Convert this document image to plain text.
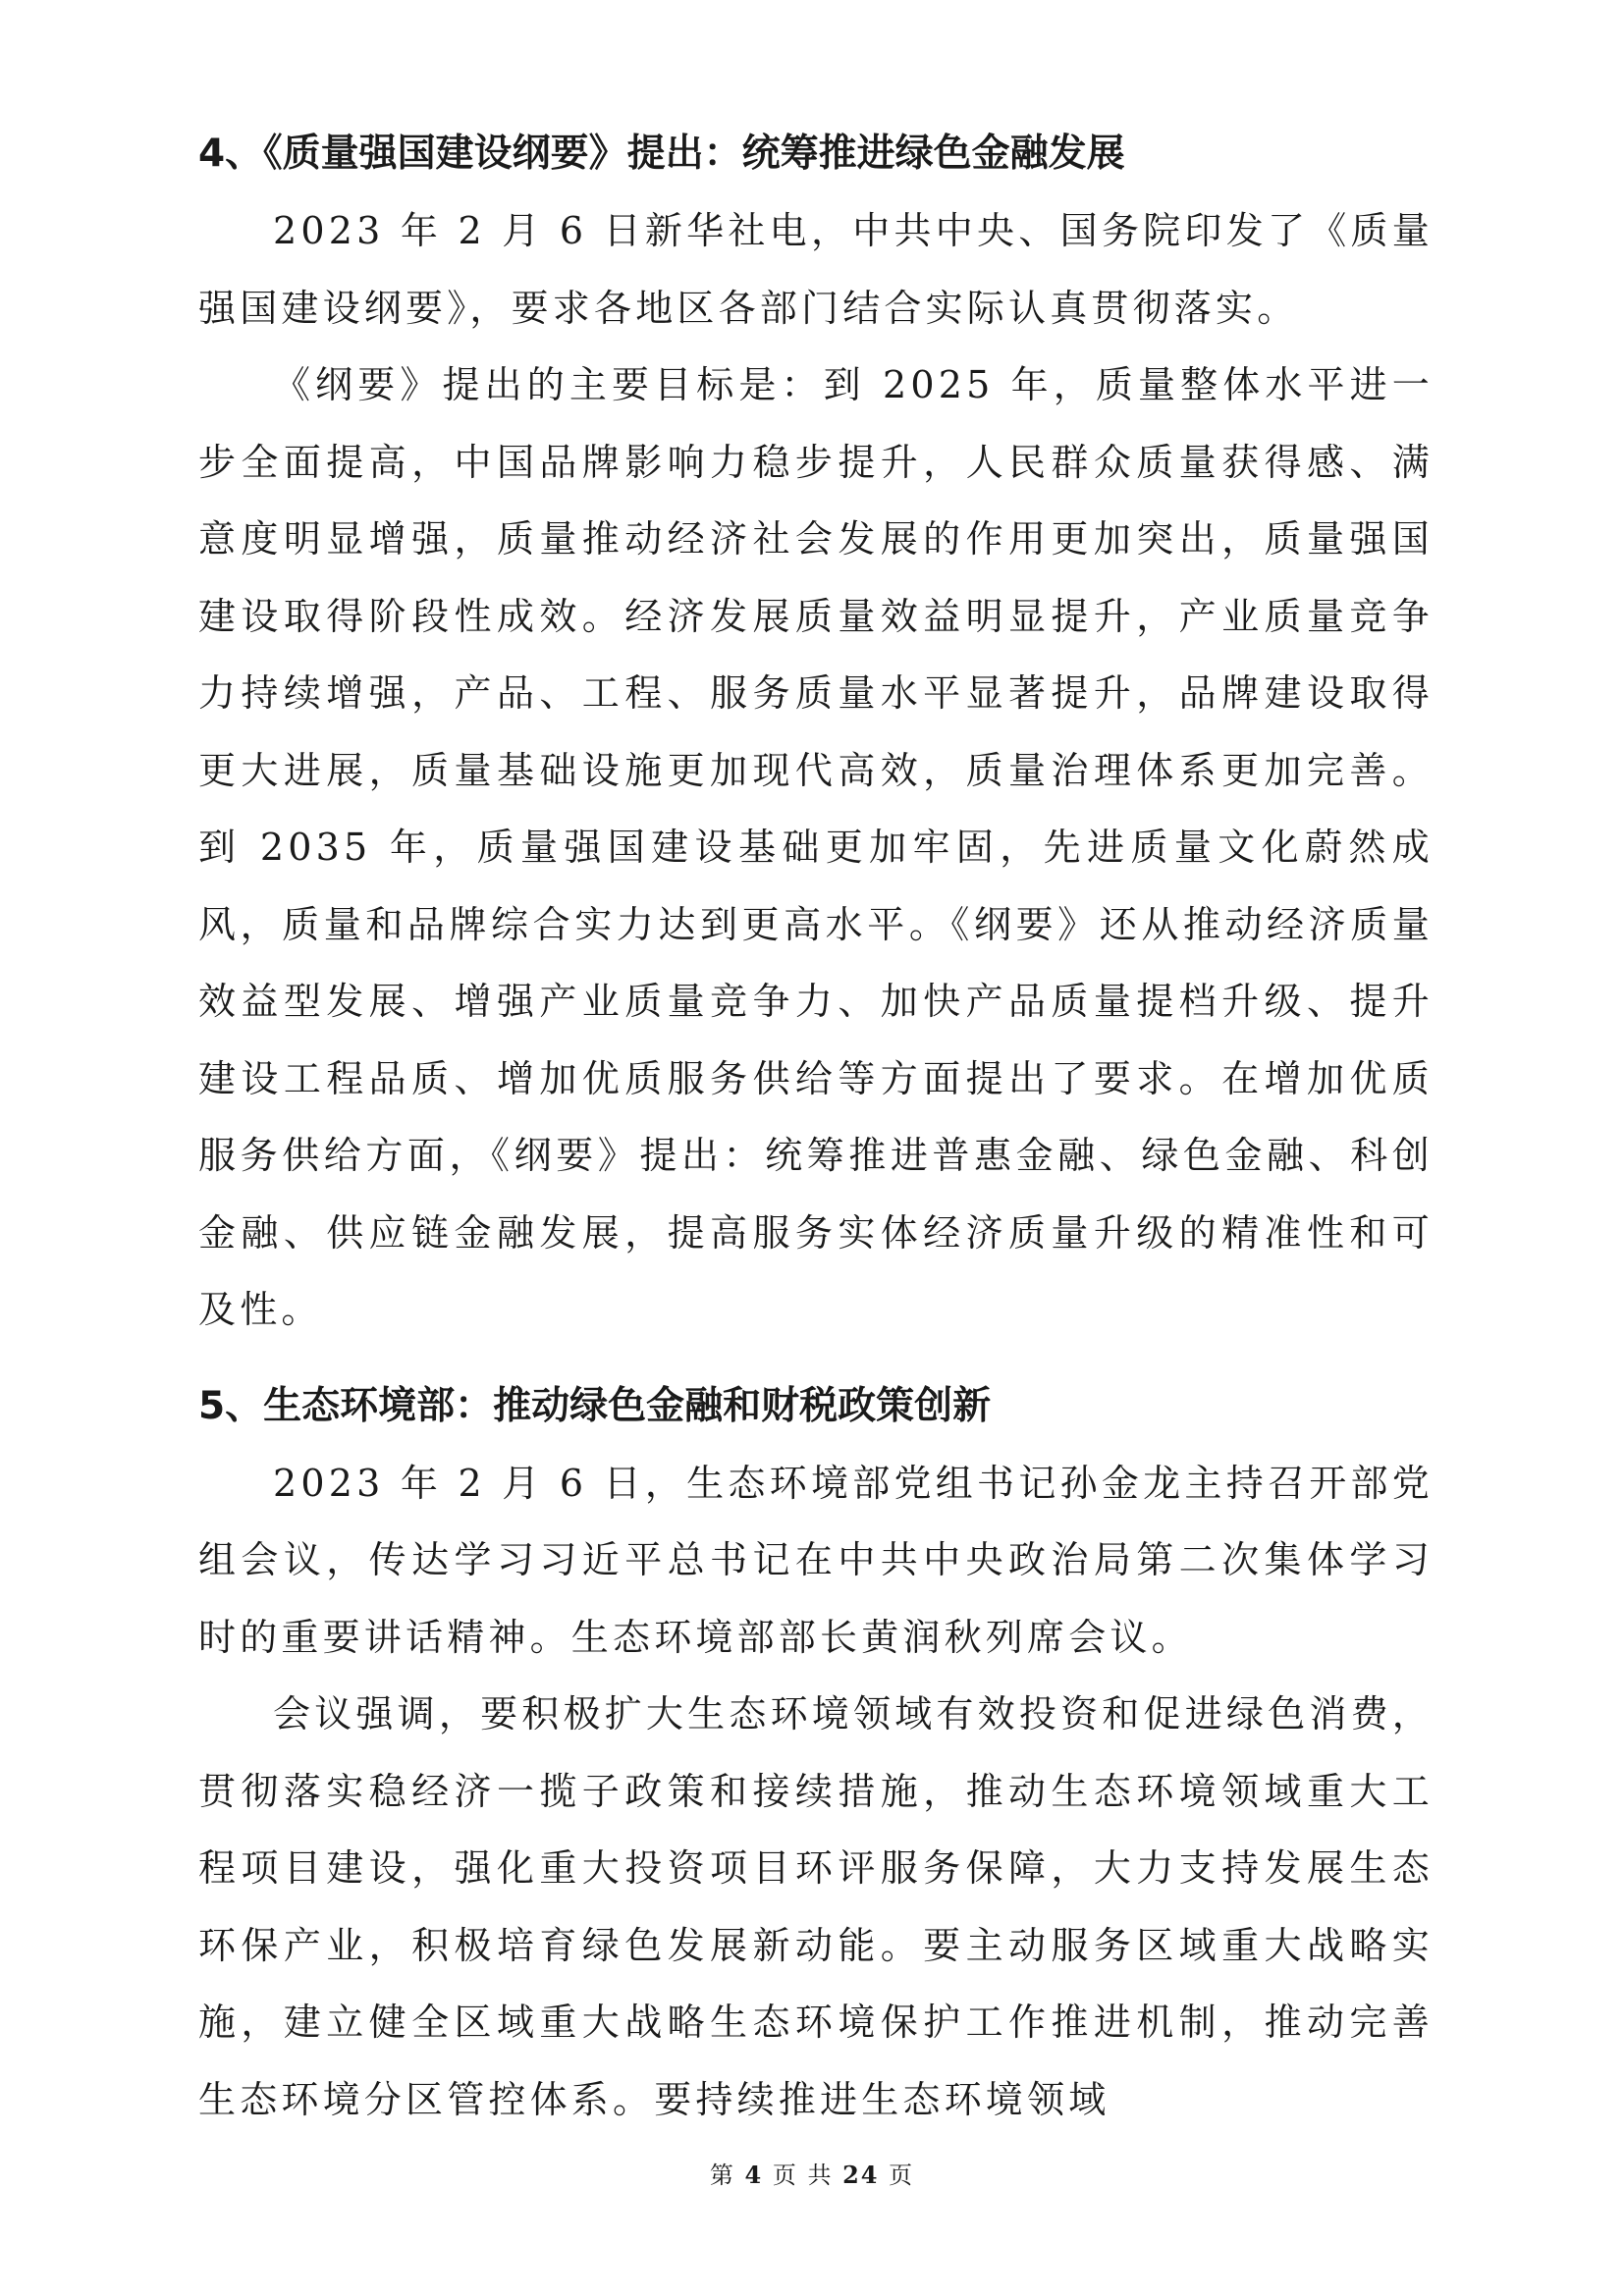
4、《质量强国建设纲要》提出：统筹推进绿色金融发展

2023 年 2 月 6 日新华社电，中共中央、国务院印发了《质量强国建设纲要》，要求各地区各部门结合实际认真贯彻落实。

《纲要》提出的主要目标是：到 2025 年，质量整体水平进一步全面提高，中国品牌影响力稳步提升，人民群众质量获得感、满意度明显增强，质量推动经济社会发展的作用更加突出，质量强国建设取得阶段性成效。经济发展质量效益明显提升，产业质量竞争力持续增强，产品、工程、服务质量水平显著提升，品牌建设取得更大进展，质量基础设施更加现代高效，质量治理体系更加完善。到 2035 年，质量强国建设基础更加牢固，先进质量文化蔚然成风，质量和品牌综合实力达到更高水平。《纲要》还从推动经济质量效益型发展、增强产业质量竞争力、加快产品质量提档升级、提升建设工程品质、增加优质服务供给等方面提出了要求。在增加优质服务供给方面，《纲要》提出：统筹推进普惠金融、绿色金融、科创金融、供应链金融发展，提高服务实体经济质量升级的精准性和可及性。

5、生态环境部：推动绿色金融和财税政策创新

2023 年 2 月 6 日，生态环境部党组书记孙金龙主持召开部党组会议，传达学习习近平总书记在中共中央政治局第二次集体学习时的重要讲话精神。生态环境部部长黄润秋列席会议。

会议强调，要积极扩大生态环境领域有效投资和促进绿色消费，贯彻落实稳经济一揽子政策和接续措施，推动生态环境领域重大工程项目建设，强化重大投资项目环评服务保障，大力支持发展生态环保产业，积极培育绿色发展新动能。要主动服务区域重大战略实施，建立健全区域重大战略生态环境保护工作推进机制，推动完善生态环境分区管控体系。要持续推进生态环境领域

第 4 页 共 24 页
